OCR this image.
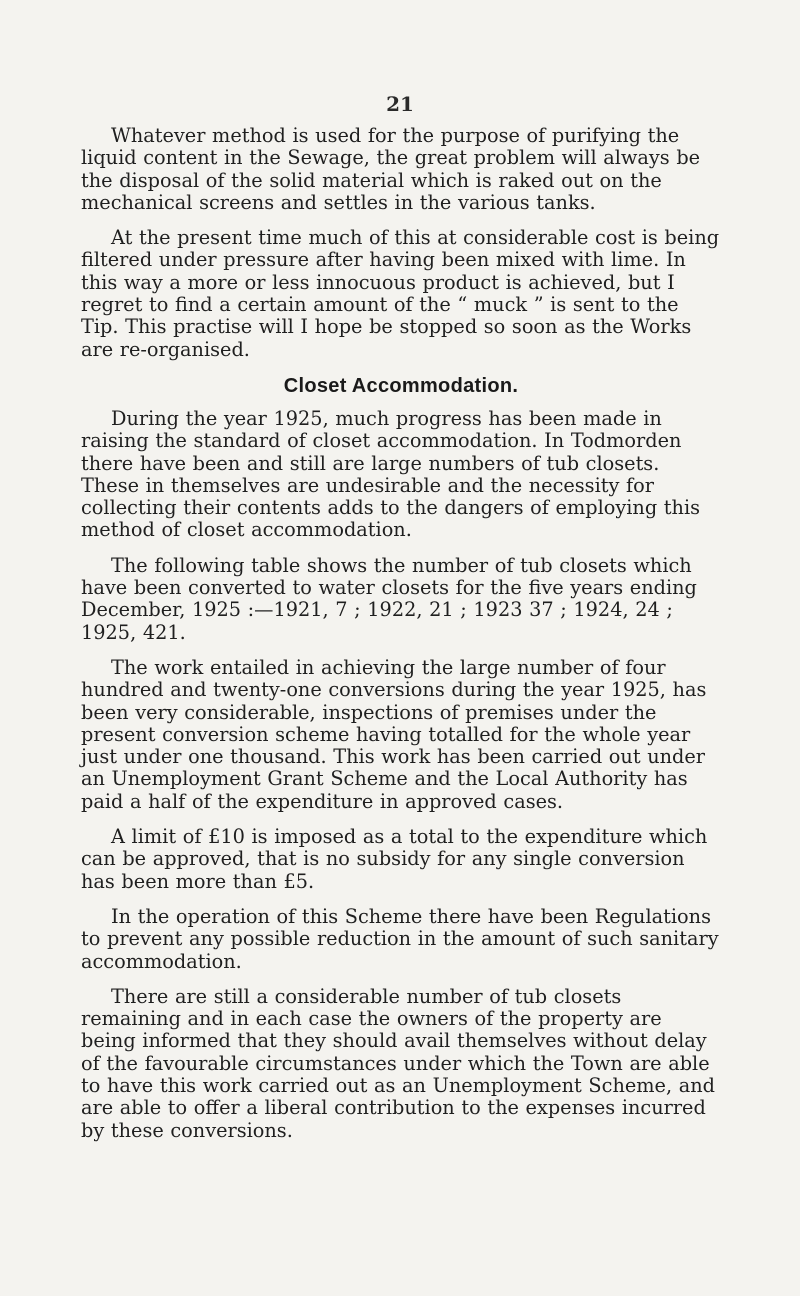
21

Whatever method is used for the purpose of purifying the liquid content in the Sewage, the great problem will always be the disposal of the solid material which is raked out on the mechanical screens and settles in the various tanks.

At the present time much of this at considerable cost is being filtered under pressure after having been mixed with lime. In this way a more or less innocuous product is achieved, but I regret to find a certain amount of the “ muck ” is sent to the Tip. This practise will I hope be stopped so soon as the Works are re-organised.

Closet Accommodation.

During the year 1925, much progress has been made in raising the standard of closet accommodation. In Todmorden there have been and still are large numbers of tub closets. These in themselves are undesirable and the necessity for collecting their contents adds to the dangers of employing this method of closet accommodation.

The following table shows the number of tub closets which have been converted to water closets for the five years ending December, 1925 :—1921, 7 ; 1922, 21 ; 1923 37 ; 1924, 24 ; 1925, 421.

The work entailed in achieving the large number of four hundred and twenty-one conversions during the year 1925, has been very considerable, inspections of premises under the present conversion scheme having totalled for the whole year just under one thousand. This work has been carried out under an Unemployment Grant Scheme and the Local Authority has paid a half of the expenditure in approved cases.

A limit of £10 is imposed as a total to the expenditure which can be approved, that is no subsidy for any single conversion has been more than £5.

In the operation of this Scheme there have been Regulations to prevent any possible reduction in the amount of such sanitary accommodation.

There are still a considerable number of tub closets remaining and in each case the owners of the property are being informed that they should avail themselves without delay of the favourable circumstances under which the Town are able to have this work carried out as an Unemployment Scheme, and are able to offer a liberal contribution to the expenses incurred by these conversions.
